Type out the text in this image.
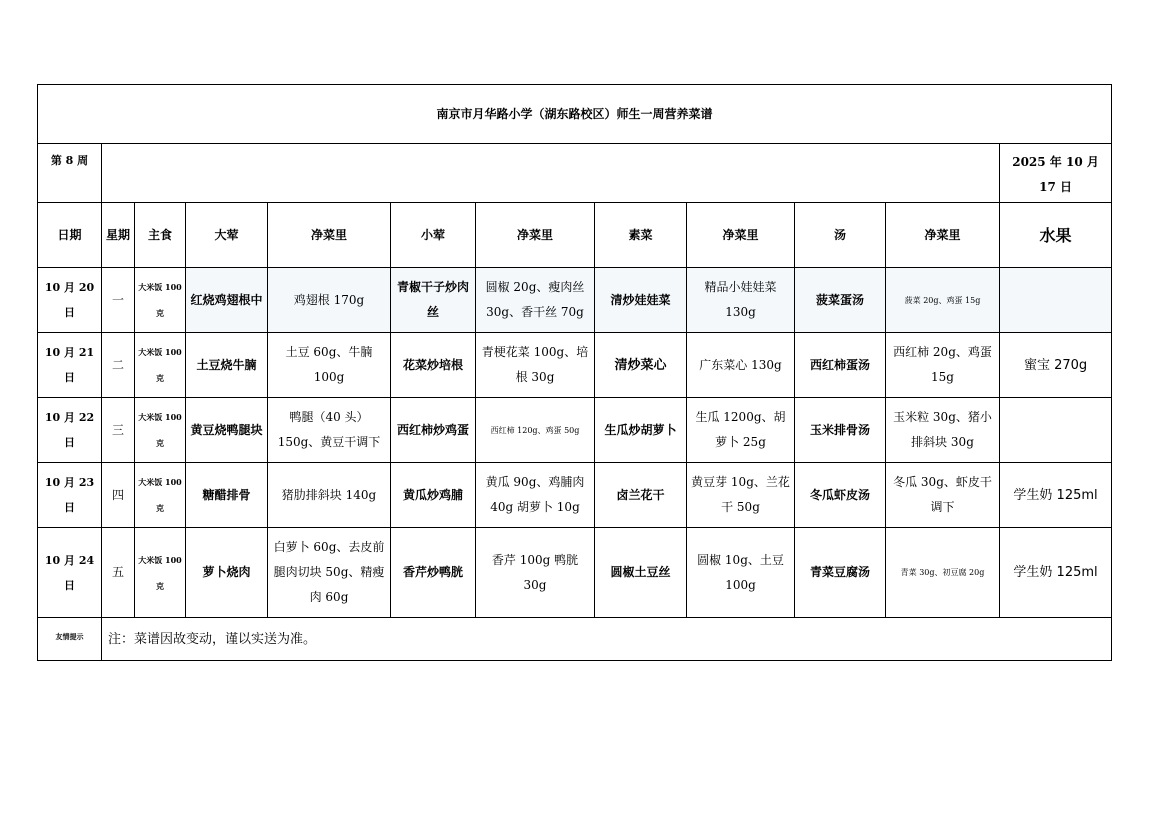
南京市月华路小学（湖东路校区）师生一周营养菜谱											
第 8 周											2025 年 10 月 17 日
日期	星期	主食	大荤	净菜里	小荤	净菜里	素菜	净菜里	汤	净菜里	水果
10 月 20 日	一	大米饭 100 克	红烧鸡翅根中	鸡翅根 170g	青椒干子炒肉丝	圆椒 20g、瘦肉丝 30g、香干丝 70g	清炒娃娃菜	精品小娃娃菜 130g	菠菜蛋汤	菠菜 20g、鸡蛋 15g	
10 月 21 日	二	大米饭 100 克	土豆烧牛腩	土豆 60g、牛腩 100g	花菜炒培根	青梗花菜 100g、培根 30g	清炒菜心	广东菜心 130g	西红柿蛋汤	西红柿 20g、鸡蛋 15g	蜜宝 270g
10 月 22 日	三	大米饭 100 克	黄豆烧鸭腿块	鸭腿（40 头）150g、黄豆干调下	西红柿炒鸡蛋	西红柿 120g、鸡蛋 50g	生瓜炒胡萝卜	生瓜 1200g、胡萝卜 25g	玉米排骨汤	玉米粒 30g、猪小排斜块 30g	
10 月 23 日	四	大米饭 100 克	糖醋排骨	猪肋排斜块 140g	黄瓜炒鸡脯	黄瓜 90g、鸡脯肉 40g 胡萝卜 10g	卤兰花干	黄豆芽 10g、兰花干 50g	冬瓜虾皮汤	冬瓜 30g、虾皮干调下	学生奶 125ml
10 月 24 日	五	大米饭 100 克	萝卜烧肉	白萝卜 60g、去皮前腿肉切块 50g、精瘦肉 60g	香芹炒鸭胱	香芹 100g 鸭胱 30g	圆椒土豆丝	圆椒 10g、土豆 100g	青菜豆腐汤	青菜 30g、初豆腐 20g	学生奶 125ml
友情提示	注：菜谱因故变动，谨以实送为准。										
